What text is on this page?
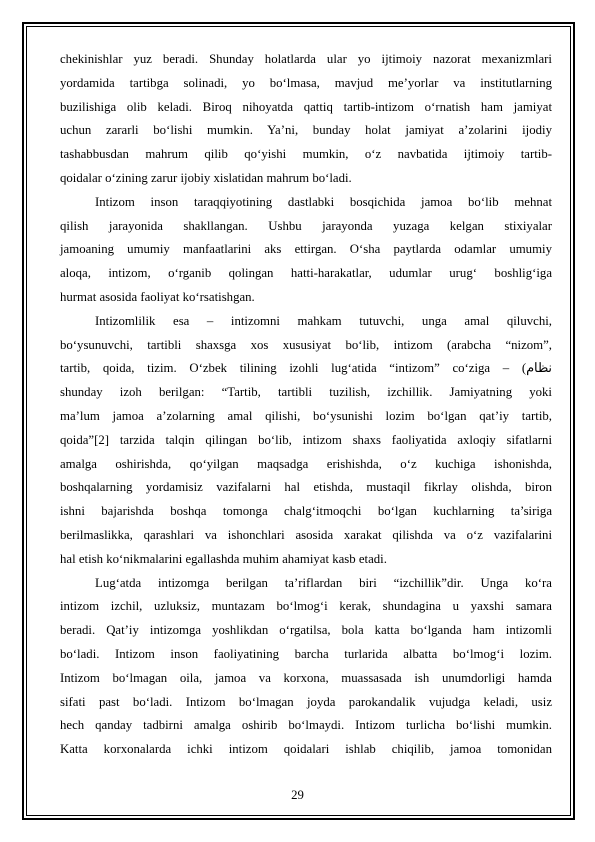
chekinishlar yuz beradi. Shunday holatlarda ular yo ijtimoiy nazorat mexanizmlari
yordamida tartibga solinadi, yo bo‘lmasa, mavjud me’yorlar va institutlarning
buzilishiga olib keladi. Biroq nihoyatda qattiq tartib-intizom o‘rnatish ham jamiyat
uchun zararli bo‘lishi mumkin. Ya’ni, bunday holat jamiyat a’zolarini ijodiy
tashabbusdan mahrum qilib qo‘yishi mumkin, o‘z navbatida ijtimoiy tartib-
qoidalar o‘zining zarur ijobiy xislatidan mahrum bo‘ladi.
Intizom inson taraqqiyotining dastlabki bosqichida jamoa bo‘lib mehnat
qilish jarayonida shakllangan. Ushbu jarayonda yuzaga kelgan stixiyalar
jamoaning umumiy manfaatlarini aks ettirgan. O‘sha paytlarda odamlar umumiy
aloqa, intizom, o‘rganib qolingan hatti-harakatlar, udumlar urug‘ boshlig‘iga
hurmat asosida faoliyat ko‘rsatishgan.
Intizomlilik esa – intizomni mahkam tutuvchi, unga amal qiluvchi,
bo‘ysunuvchi, tartibli shaxsga xos xususiyat bo‘lib, intizom (arabcha “nizom”,
نظام) – tartib, qoida, tizim. O‘zbek tilining izohli lug‘atida “intizom” co‘ziga
shunday izoh berilgan: “Tartib, tartibli tuzilish, izchillik. Jamiyatning yoki
ma’lum jamoa a’zolarning amal qilishi, bo‘ysunishi lozim bo‘lgan qat’iy tartib,
qoida”[2] tarzida talqin qilingan bo‘lib, intizom shaxs faoliyatida axloqiy sifatlarni
amalga oshirishda, qo‘yilgan maqsadga erishishda, o‘z kuchiga ishonishda,
boshqalarning yordamisiz vazifalarni hal etishda, mustaqil fikrlay olishda, biron
ishni bajarishda boshqa tomonga chalg‘itmoqchi bo‘lgan kuchlarning ta’siriga
berilmaslikka, qarashlari va ishonchlari asosida xarakat qilishda va o‘z vazifalarini
hal etish ko‘nikmalarini egallashda muhim ahamiyat kasb etadi.
Lug‘atda intizomga berilgan ta’riflardan biri “izchillik”dir. Unga ko‘ra
intizom izchil, uzluksiz, muntazam bo‘lmog‘i kerak, shundagina u yaxshi samara
beradi. Qat’iy intizomga yoshlikdan o‘rgatilsa, bola katta bo‘lganda ham intizomli
bo‘ladi. Intizom inson faoliyatining barcha turlarida albatta bo‘lmog‘i lozim.
Intizom bo‘lmagan oila, jamoa va korxona, muassasada ish unumdorligi hamda
sifati past bo‘ladi. Intizom bo‘lmagan joyda parokandalik vujudga keladi, usiz
hech qanday tadbirni amalga oshirib bo‘lmaydi. Intizom turlicha bo‘lishi mumkin.
Katta korxonalarda ichki intizom qoidalari ishlab chiqilib, jamoa tomonidan
29
